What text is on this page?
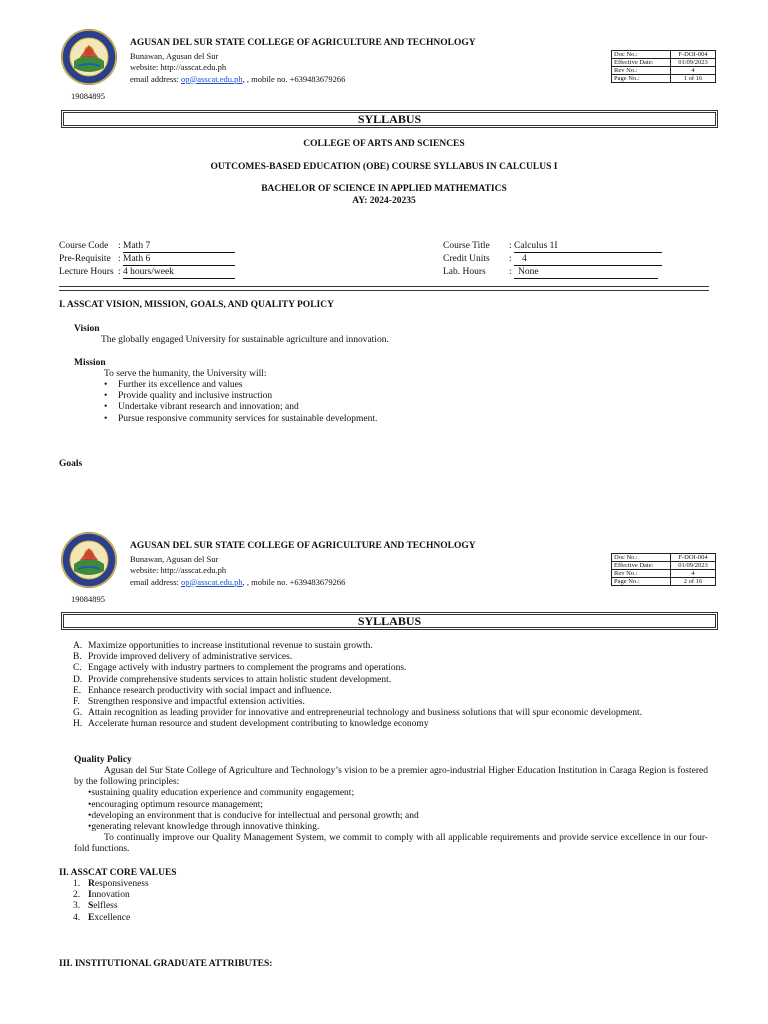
19084895
AGUSAN DEL SUR STATE COLLEGE OF AGRICULTURE AND TECHNOLOGY
Bunawan, Agusan del Sur
website: http://asscat.edu.ph
email address: op@asscat.edu.ph, , mobile no. +639483679266
Doc No.:	F-DOI-004
Effective Date:	01/09/2023
Rev No.:	4
Page No.:	1 of 16
SYLLABUS
COLLEGE OF ARTS AND SCIENCES
OUTCOMES-BASED EDUCATION (OBE) COURSE SYLLABUS IN CALCULUS I
BACHELOR OF SCIENCE IN APPLIED MATHEMATICS
AY: 2024-20235
Course Code : Math 7
Pre-Requisite : Math 6
Lecture Hours : 4 hours/week
Course Title : Calculus 1I
Credit Units : 4
Lab. Hours : None
I. ASSCAT VISION, MISSION, GOALS, AND QUALITY POLICY
Vision
The globally engaged University for sustainable agriculture and innovation.
Mission
To serve the humanity, the University will:
• Further its excellence and values
• Provide quality and inclusive instruction
• Undertake vibrant research and innovation; and
• Pursue responsive community services for sustainable development.
Goals
19084895
AGUSAN DEL SUR STATE COLLEGE OF AGRICULTURE AND TECHNOLOGY
Bunawan, Agusan del Sur
website: http://asscat.edu.ph
email address: op@asscat.edu.ph, , mobile no. +639483679266
Doc No.:	F-DOI-004
Effective Date:	01/09/2023
Rev No.:	4
Page No.:	2 of 16
SYLLABUS
A. Maximize opportunities to increase institutional revenue to sustain growth.
B. Provide improved delivery of administrative services.
C. Engage actively with industry partners to complement the programs and operations.
D. Provide comprehensive students services to attain holistic student development.
E. Enhance research productivity with social impact and influence.
F. Strengthen responsive and impactful extension activities.
G. Attain recognition as leading provider for innovative and entrepreneurial technology and business solutions that will spur economic development.
H. Accelerate human resource and student development contributing to knowledge economy
Quality Policy
Agusan del Sur State College of Agriculture and Technology’s vision to be a premier agro-industrial Higher Education Institution in Caraga Region is fostered by the following principles:
• sustaining quality education experience and community engagement;
• encouraging optimum resource management;
• developing an environment that is conducive for intellectual and personal growth; and
• generating relevant knowledge through innovative thinking.
To continually improve our Quality Management System, we commit to comply with all applicable requirements and provide service excellence in our four-fold functions.
II. ASSCAT CORE VALUES
1. Responsiveness
2. Innovation
3. Selfless
4. Excellence
III. INSTITUTIONAL GRADUATE ATTRIBUTES:
